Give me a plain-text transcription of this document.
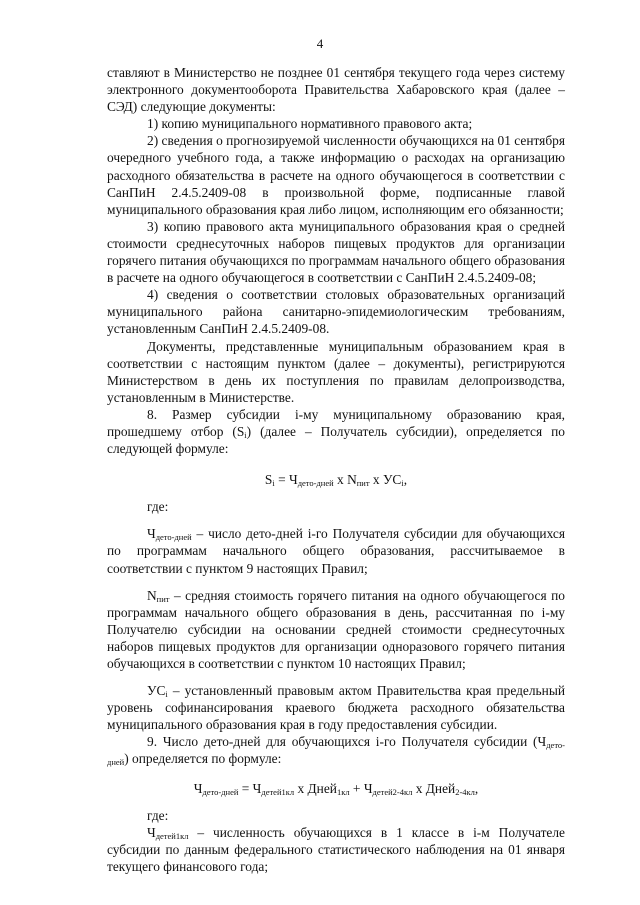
4

ставляют в Министерство не позднее 01 сентября текущего года через систему электронного документооборота Правительства Хабаровского края (далее – СЭД) следующие документы:

1) копию муниципального нормативного правового акта;

2) сведения о прогнозируемой численности обучающихся на 01 сентября очередного учебного года, а также информацию о расходах на организацию расходного обязательства в расчете на одного обучающегося в соответствии с СанПиН 2.4.5.2409-08 в произвольной форме, подписанные главой муниципального образования края либо лицом, исполняющим его обязанности;

3) копию правового акта муниципального образования края о средней стоимости среднесуточных наборов пищевых продуктов для организации горячего питания обучающихся по программам начального общего образования в расчете на одного обучающегося в соответствии с СанПиН 2.4.5.2409-08;

4) сведения о соответствии столовых образовательных организаций муниципального района санитарно-эпидемиологическим требованиям, установленным СанПиН 2.4.5.2409-08.

Документы, представленные муниципальным образованием края в соответствии с настоящим пунктом (далее – документы), регистрируются Министерством в день их поступления по правилам делопроизводства, установленным в Министерстве.

8. Размер субсидии i-му муниципальному образованию края, прошедшему отбор $(S_i)$ (далее – Получатель субсидии), определяется по следующей формуле:

$S_i = Ч_{дето-дней}$ x $N_{пит}$ x $УС_i$,

где:

$Ч_{дето-дней}$ – число дето-дней i-го Получателя субсидии для обучающихся по программам начального общего образования, рассчитываемое в соответствии с пунктом 9 настоящих Правил;

$N_{пит}$ – средняя стоимость горячего питания на одного обучающегося по программам начального общего образования в день, рассчитанная по i-му Получателю субсидии на основании средней стоимости среднесуточных наборов пищевых продуктов для организации одноразового горячего питания обучающихся в соответствии с пунктом 10 настоящих Правил;

$УС_i$ – установленный правовым актом Правительства края предельный уровень софинансирования краевого бюджета расходного обязательства муниципального образования края в году предоставления субсидии.

9. Число дето-дней для обучающихся i-го Получателя субсидии $(Ч_{дето-дней})$ определяется по формуле:

$Ч_{дето-дней} = Ч_{детей1кл}$ x Дней$_{1кл}$ + $Ч_{детей2-4кл}$ x Дней$_{2-4кл}$,

где:

$Ч_{детей1кл}$ – численность обучающихся в 1 классе в i-м Получателе субсидии по данным федерального статистического наблюдения на 01 января текущего финансового года;
